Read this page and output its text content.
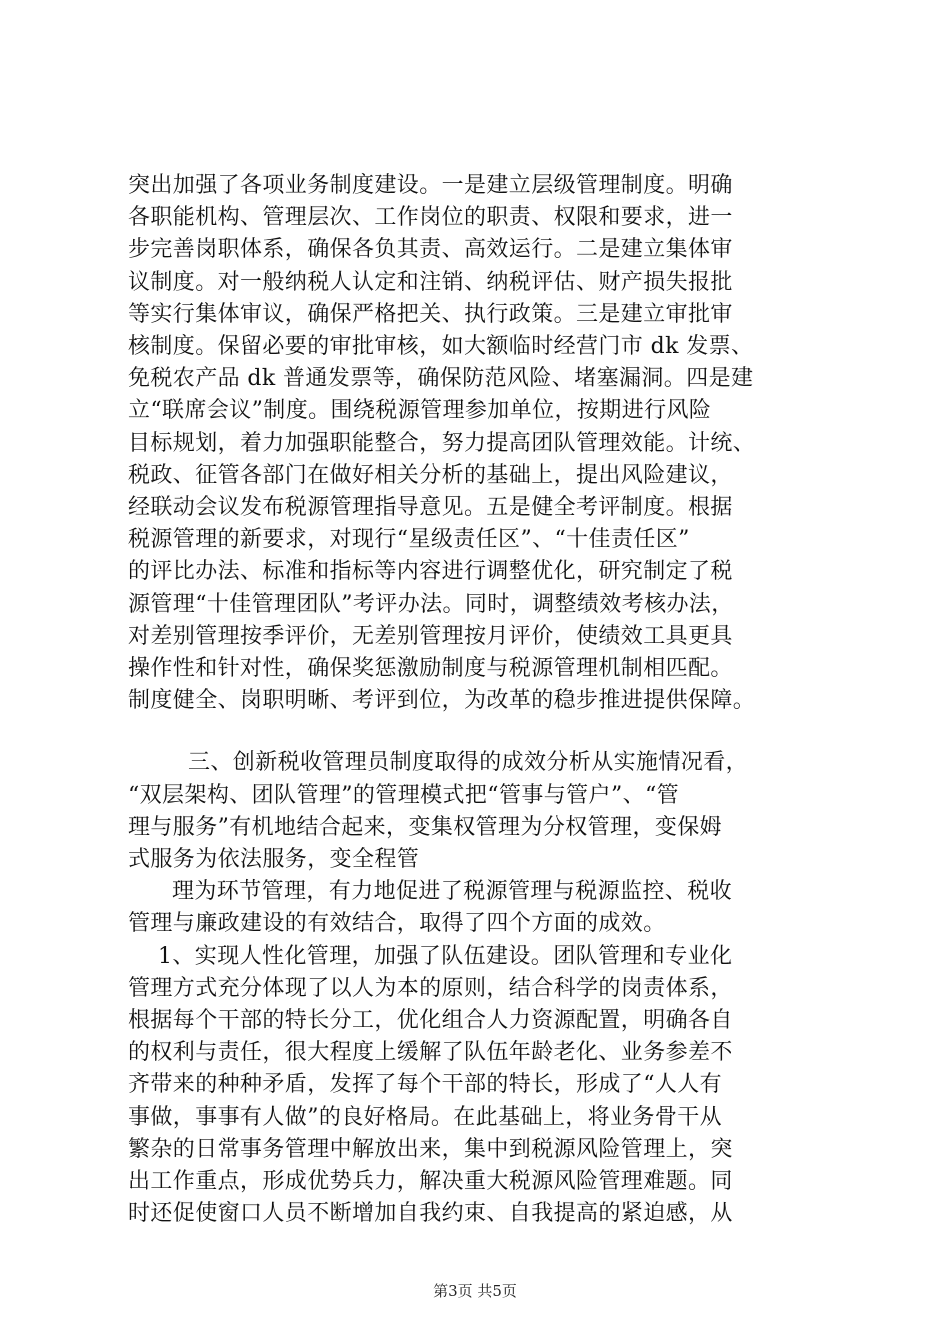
突出加强了各项业务制度建设。一是建立层级管理制度。明确
各职能机构、管理层次、工作岗位的职责、权限和要求，进一
步完善岗职体系，确保各负其责、高效运行。二是建立集体审
议制度。对一般纳税人认定和注销、纳税评估、财产损失报批
等实行集体审议，确保严格把关、执行政策。三是建立审批审
核制度。保留必要的审批审核，如大额临时经营门市 dk 发票、
免税农产品 dk 普通发票等，确保防范风险、堵塞漏洞。四是建
立“联席会议”制度。围绕税源管理参加单位，按期进行风险
目标规划，着力加强职能整合，努力提高团队管理效能。计统、
税政、征管各部门在做好相关分析的基础上，提出风险建议，
经联动会议发布税源管理指导意见。五是健全考评制度。根据
税源管理的新要求，对现行“星级责任区”、“十佳责任区”
的评比办法、标准和指标等内容进行调整优化，研究制定了税
源管理“十佳管理团队”考评办法。同时，调整绩效考核办法，
对差别管理按季评价，无差别管理按月评价，使绩效工具更具
操作性和针对性，确保奖惩激励制度与税源管理机制相匹配。
制度健全、岗职明晰、考评到位，为改革的稳步推进提供保障。
三、创新税收管理员制度取得的成效分析从实施情况看，
“双层架构、团队管理”的管理模式把“管事与管户”、“管
理与服务”有机地结合起来，变集权管理为分权管理，变保姆
式服务为依法服务，变全程管
理为环节管理，有力地促进了税源管理与税源监控、税收
管理与廉政建设的有效结合，取得了四个方面的成效。
1、实现人性化管理，加强了队伍建设。团队管理和专业化
管理方式充分体现了以人为本的原则，结合科学的岗责体系，
根据每个干部的特长分工，优化组合人力资源配置，明确各自
的权利与责任，很大程度上缓解了队伍年龄老化、业务参差不
齐带来的种种矛盾，发挥了每个干部的特长，形成了“人人有
事做，事事有人做”的良好格局。在此基础上，将业务骨干从
繁杂的日常事务管理中解放出来，集中到税源风险管理上，突
出工作重点，形成优势兵力，解决重大税源风险管理难题。同
时还促使窗口人员不断增加自我约束、自我提高的紧迫感，从
第3页 共5页
